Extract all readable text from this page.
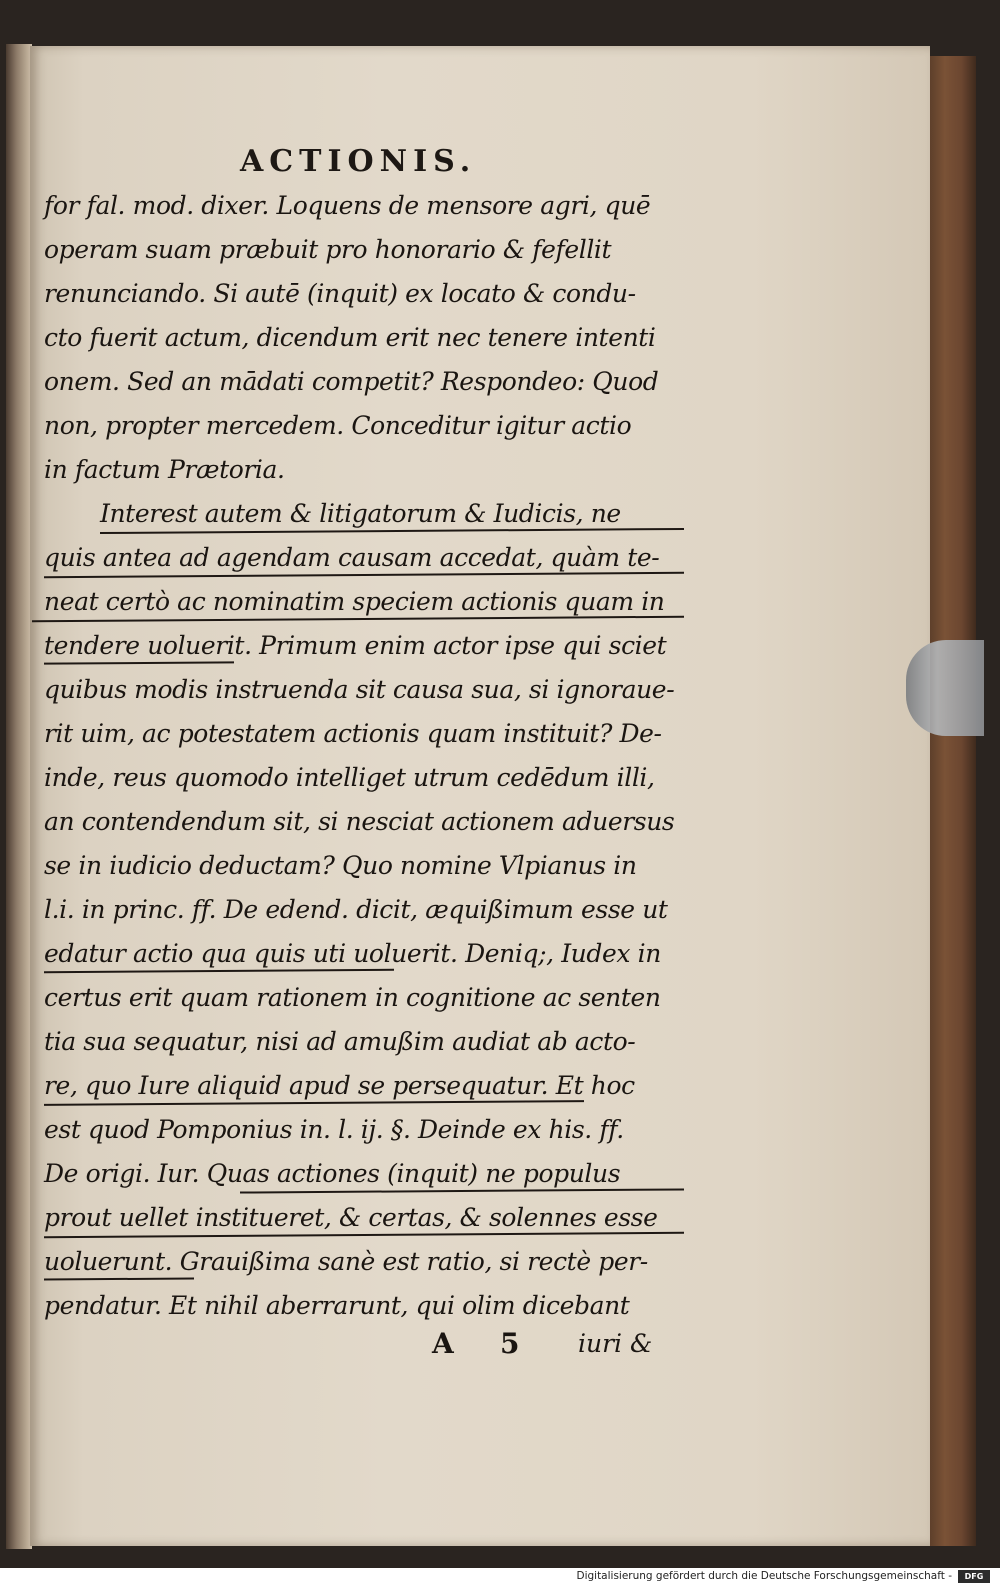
ACTIONIS.
for fal. mod. dixer. Loquens de mensore agri, quē
operam suam præbuit pro honorario & fefellit
renunciando. Si autē (inquit) ex locato & condu-
cto fuerit actum, dicendum erit nec tenere intenti
onem. Sed an mādati competit? Respondeo: Quod
non, propter mercedem. Conceditur igitur actio
in factum Prætoria.
Interest autem & litigatorum & Iudicis, ne
quis antea ad agendam causam accedat, quàm te-
neat certò ac nominatim speciem actionis quam in
tendere uoluerit. Primum enim actor ipse qui sciet
quibus modis instruenda sit causa sua, si ignoraue-
rit uim, ac potestatem actionis quam instituit? De-
inde, reus quomodo intelliget utrum cedēdum illi,
an contendendum sit, si nesciat actionem aduersus
se in iudicio deductam? Quo nomine Vlpianus in
l.i. in princ. ff. De edend. dicit, æquißimum esse ut
edatur actio qua quis uti uoluerit. Deniq;, Iudex in
certus erit quam rationem in cognitione ac senten
tia sua sequatur, nisi ad amußim audiat ab acto-
re, quo Iure aliquid apud se persequatur. Et hoc
est quod Pomponius in. l. ij. §. Deinde ex his. ff.
De origi. Iur. Quas actiones (inquit) ne populus
prout uellet institueret, & certas, & solennes esse
uoluerunt. Grauißima sanè est ratio, si rectè per-
pendatur. Et nihil aberrarunt, qui olim dicebant
A 5 iuri &
Digitalisierung gefördert durch die Deutsche Forschungsgemeinschaft -	DFG
